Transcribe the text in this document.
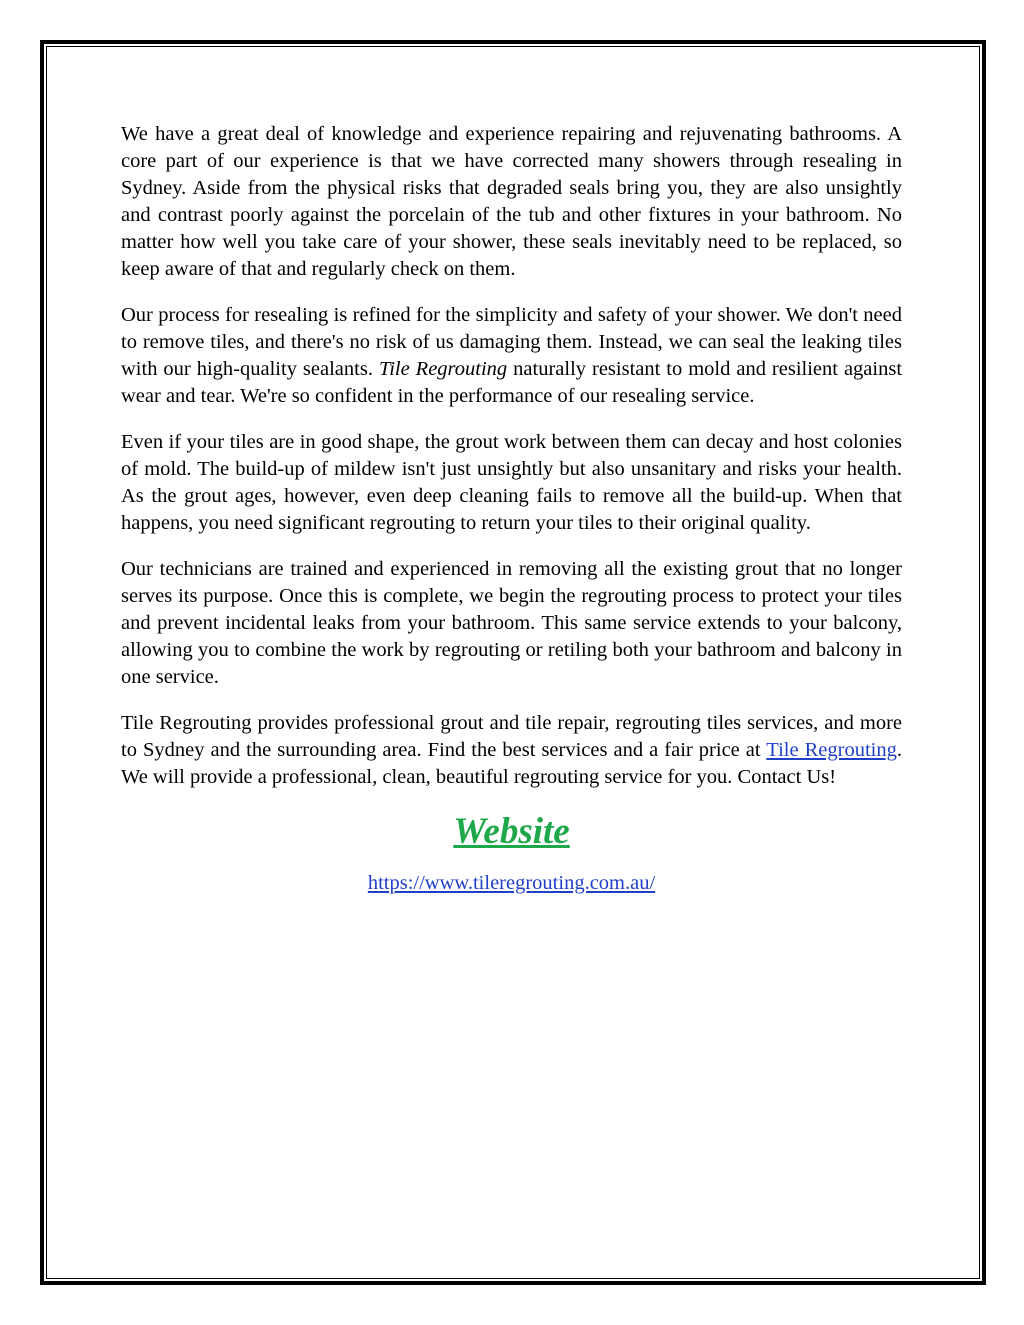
We have a great deal of knowledge and experience repairing and rejuvenating bathrooms. A core part of our experience is that we have corrected many showers through resealing in Sydney. Aside from the physical risks that degraded seals bring you, they are also unsightly and contrast poorly against the porcelain of the tub and other fixtures in your bathroom. No matter how well you take care of your shower, these seals inevitably need to be replaced, so keep aware of that and regularly check on them.

Our process for resealing is refined for the simplicity and safety of your shower. We don't need to remove tiles, and there's no risk of us damaging them. Instead, we can seal the leaking tiles with our high-quality sealants. Tile Regrouting naturally resistant to mold and resilient against wear and tear. We're so confident in the performance of our resealing service.

Even if your tiles are in good shape, the grout work between them can decay and host colonies of mold. The build-up of mildew isn't just unsightly but also unsanitary and risks your health. As the grout ages, however, even deep cleaning fails to remove all the build-up. When that happens, you need significant regrouting to return your tiles to their original quality.

Our technicians are trained and experienced in removing all the existing grout that no longer serves its purpose. Once this is complete, we begin the regrouting process to protect your tiles and prevent incidental leaks from your bathroom. This same service extends to your balcony, allowing you to combine the work by regrouting or retiling both your bathroom and balcony in one service.

Tile Regrouting provides professional grout and tile repair, regrouting tiles services, and more to Sydney and the surrounding area. Find the best services and a fair price at Tile Regrouting. We will provide a professional, clean, beautiful regrouting service for you. Contact Us!

Website
https://www.tileregrouting.com.au/
